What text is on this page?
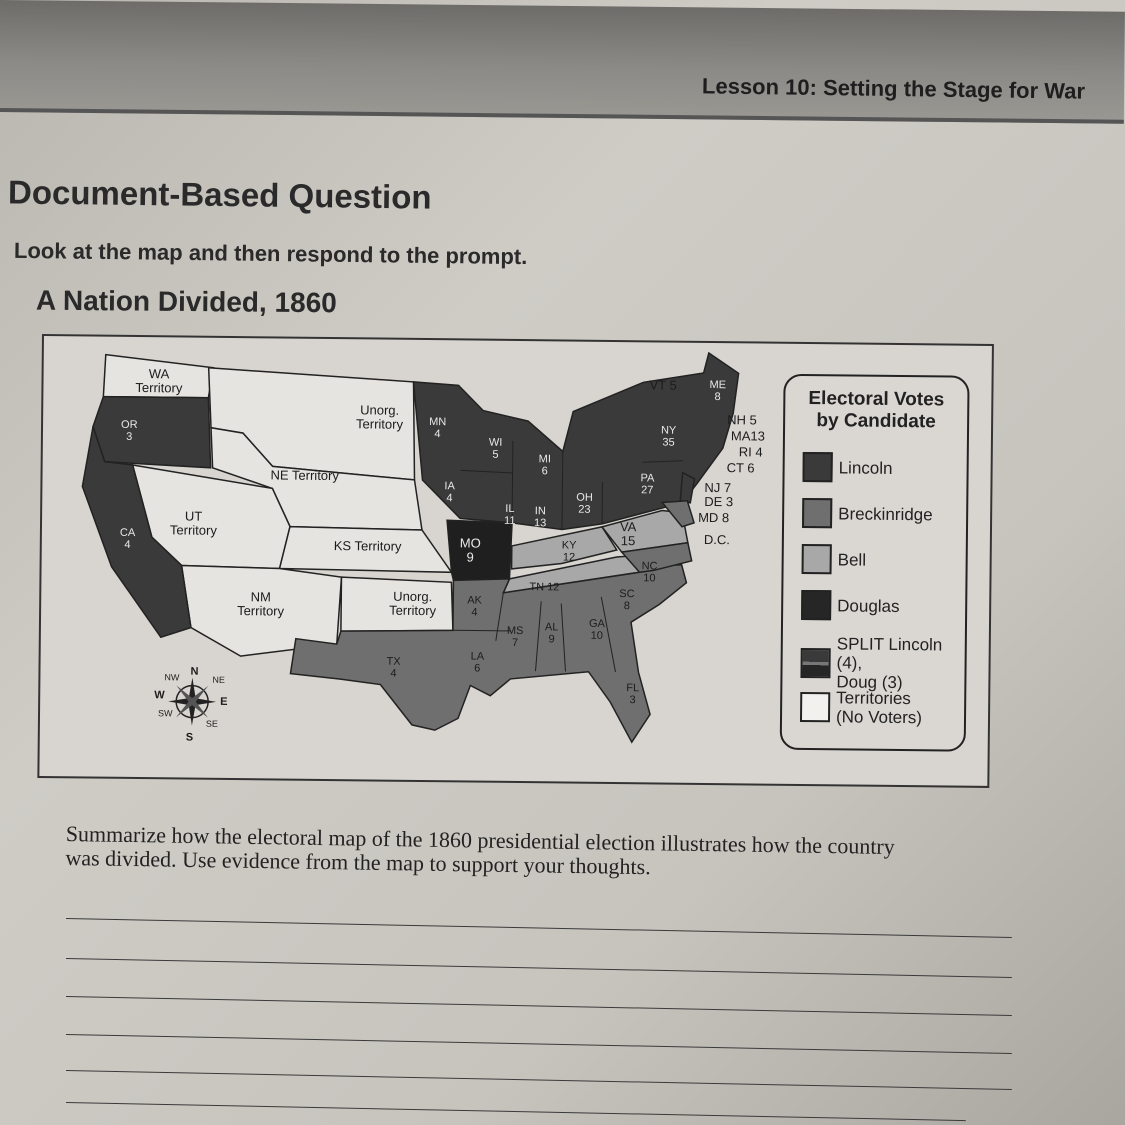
Lesson 10: Setting the Stage for War
Document-Based Question
Look at the map and then respond to the prompt.
A Nation Divided, 1860
WA
Territory
Unorg.
Territory
NE Territory
UT
Territory
KS Territory
NM
Territory
Unorg.
Territory
OR
3
CA
4
MN
4
WI
5
IA
4
MI
6
IL
11
IN
13
OH
23
PA
27
NY
35
VT 5	ME
8
NH 5
MA13
RI 4
CT 6
NJ 7
DE 3
MD 8
D.C.
MO
9
KY
12
VA
15
TN 12
NC
10
SC
8
AK
4
GA
10
AL
9
MS
7
LA
6
TX
4
FL
3
N
S
E
W
NE
NW
SE
SW
Electoral Votes
by Candidate
Lincoln
Breckinridge
Bell
Douglas
SPLIT Lincoln (4),
Doug (3)
Territories
(No Voters)
Summarize how the electoral map of the 1860 presidential election illustrates how the country was divided. Use evidence from the map to support your thoughts.
